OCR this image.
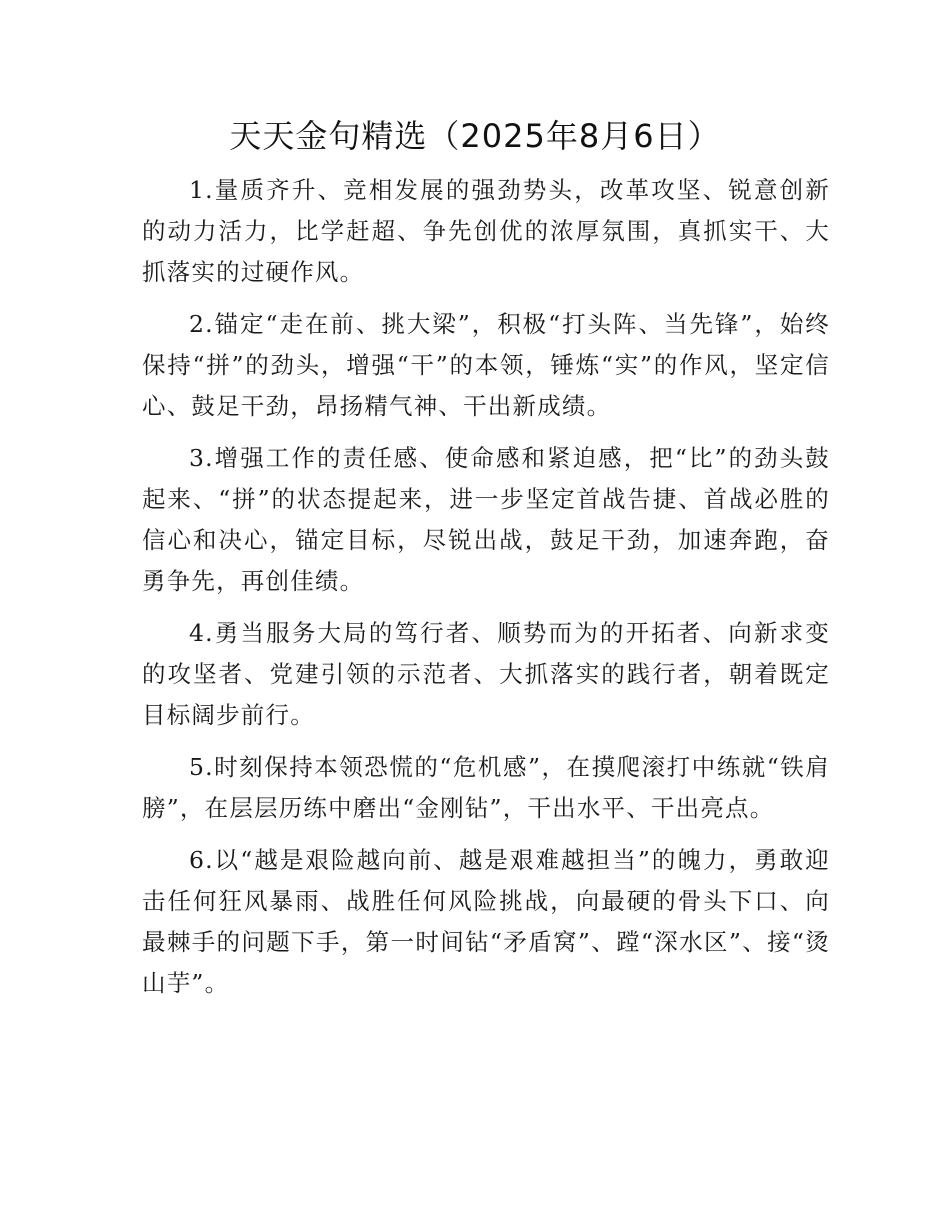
天天金句精选（2025年8月6日）

1.量质齐升、竞相发展的强劲势头，改革攻坚、锐意创新的动力活力，比学赶超、争先创优的浓厚氛围，真抓实干、大抓落实的过硬作风。

2.锚定“走在前、挑大梁”，积极“打头阵、当先锋”，始终保持“拼”的劲头，增强“干”的本领，锤炼“实”的作风，坚定信心、鼓足干劲，昂扬精气神、干出新成绩。

3.增强工作的责任感、使命感和紧迫感，把“比”的劲头鼓起来、“拼”的状态提起来，进一步坚定首战告捷、首战必胜的信心和决心，锚定目标，尽锐出战，鼓足干劲，加速奔跑，奋勇争先，再创佳绩。

4.勇当服务大局的笃行者、顺势而为的开拓者、向新求变的攻坚者、党建引领的示范者、大抓落实的践行者，朝着既定目标阔步前行。

5.时刻保持本领恐慌的“危机感”，在摸爬滚打中练就“铁肩膀”，在层层历练中磨出“金刚钻”，干出水平、干出亮点。

6.以“越是艰险越向前、越是艰难越担当”的魄力，勇敢迎击任何狂风暴雨、战胜任何风险挑战，向最硬的骨头下口、向最棘手的问题下手，第一时间钻“矛盾窝”、蹚“深水区”、接“烫山芋”。
